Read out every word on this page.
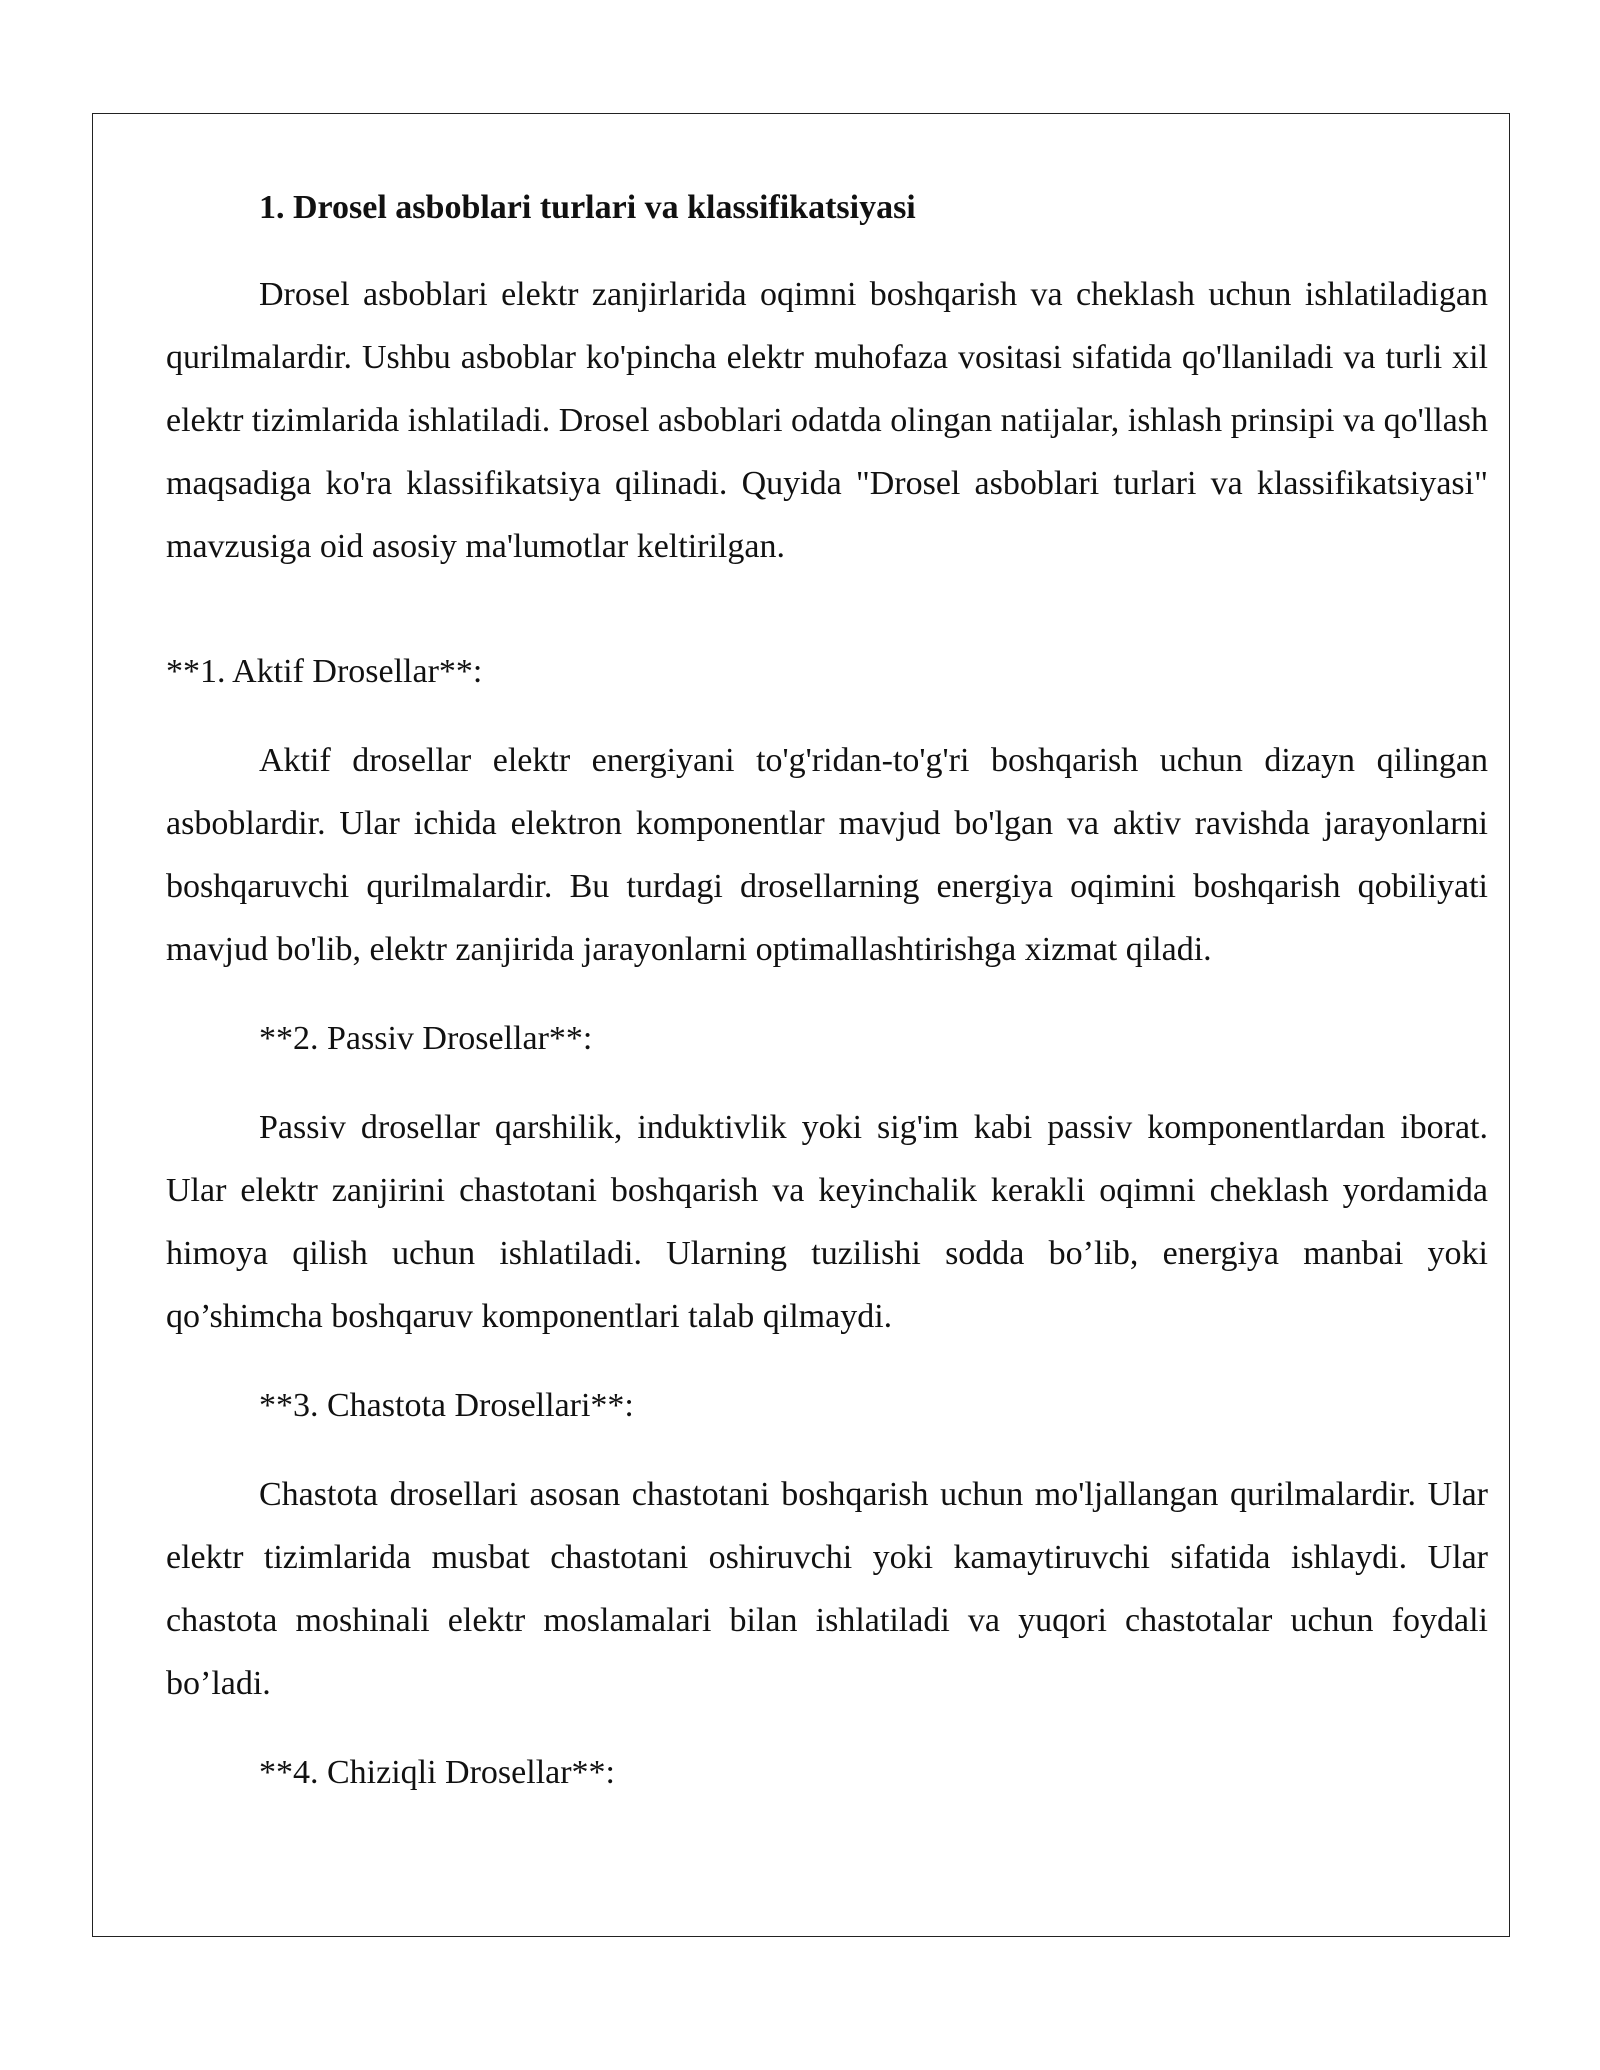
1. Drosel asboblari turlari va klassifikatsiyasi

Drosel asboblari elektr zanjirlarida oqimni boshqarish va cheklash uchun ishlatiladigan qurilmalardir. Ushbu asboblar ko'pincha elektr muhofaza vositasi sifatida qo'llaniladi va turli xil elektr tizimlarida ishlatiladi. Drosel asboblari odatda olingan natijalar, ishlash prinsipi va qo'llash maqsadiga ko'ra klassifikatsiya qilinadi. Quyida "Drosel asboblari turlari va klassifikatsiyasi" mavzusiga oid asosiy ma'lumotlar keltirilgan.

**1. Aktif Drosellar**:

Aktif drosellar elektr energiyani to'g'ridan-to'g'ri boshqarish uchun dizayn qilingan asboblardir. Ular ichida elektron komponentlar mavjud bo'lgan va aktiv ravishda jarayonlarni boshqaruvchi qurilmalardir. Bu turdagi drosellarning energiya oqimini boshqarish qobiliyati mavjud bo'lib, elektr zanjirida jarayonlarni optimallashtirishga xizmat qiladi.

**2. Passiv Drosellar**:

Passiv drosellar qarshilik, induktivlik yoki sig'im kabi passiv komponentlardan iborat. Ular elektr zanjirini chastotani boshqarish va keyinchalik kerakli oqimni cheklash yordamida himoya qilish uchun ishlatiladi. Ularning tuzilishi sodda bo’lib, energiya manbai yoki qo’shimcha boshqaruv komponentlari talab qilmaydi.

**3. Chastota Drosellari**:

Chastota drosellari asosan chastotani boshqarish uchun mo'ljallangan qurilmalardir. Ular elektr tizimlarida musbat chastotani oshiruvchi yoki kamaytiruvchi sifatida ishlaydi. Ular chastota moshinali elektr moslamalari bilan ishlatiladi va yuqori chastotalar uchun foydali bo’ladi.

**4. Chiziqli Drosellar**:
